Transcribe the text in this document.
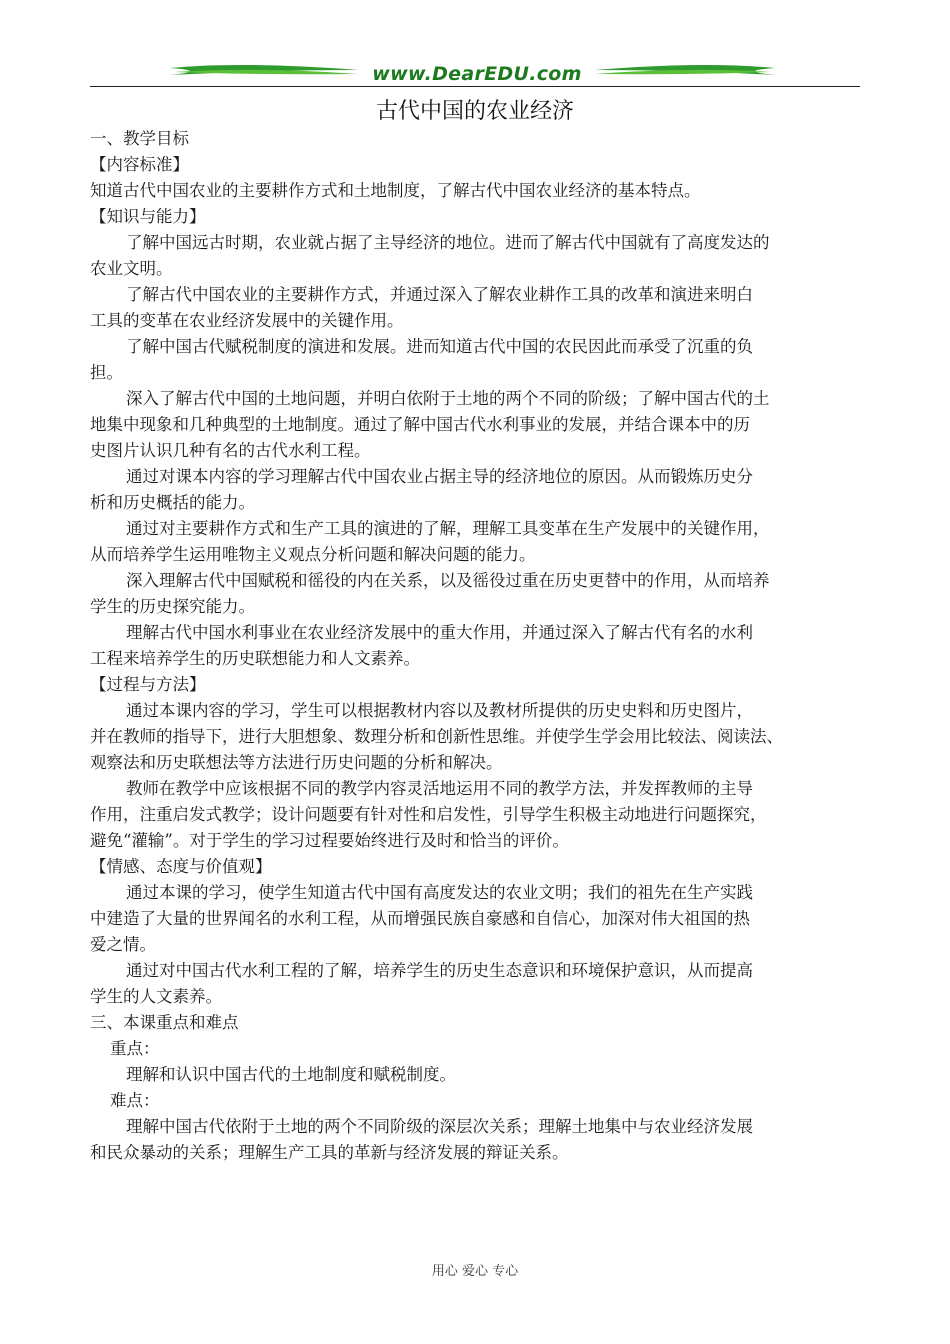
www.DearEDU.com
古代中国的农业经济
一、教学目标
【内容标准】
知道古代中国农业的主要耕作方式和土地制度，了解古代中国农业经济的基本特点。
【知识与能力】
了解中国远古时期，农业就占据了主导经济的地位。进而了解古代中国就有了高度发达的
农业文明。
了解古代中国农业的主要耕作方式，并通过深入了解农业耕作工具的改革和演进来明白
工具的变革在农业经济发展中的关键作用。
了解中国古代赋税制度的演进和发展。进而知道古代中国的农民因此而承受了沉重的负
担。
深入了解古代中国的土地问题，并明白依附于土地的两个不同的阶级；了解中国古代的土
地集中现象和几种典型的土地制度。通过了解中国古代水利事业的发展，并结合课本中的历
史图片认识几种有名的古代水利工程。
通过对课本内容的学习理解古代中国农业占据主导的经济地位的原因。从而锻炼历史分
析和历史概括的能力。
通过对主要耕作方式和生产工具的演进的了解，理解工具变革在生产发展中的关键作用，
从而培养学生运用唯物主义观点分析问题和解决问题的能力。
深入理解古代中国赋税和徭役的内在关系，以及徭役过重在历史更替中的作用，从而培养
学生的历史探究能力。
理解古代中国水利事业在农业经济发展中的重大作用，并通过深入了解古代有名的水利
工程来培养学生的历史联想能力和人文素养。
【过程与方法】
通过本课内容的学习，学生可以根据教材内容以及教材所提供的历史史料和历史图片，
并在教师的指导下，进行大胆想象、数理分析和创新性思维。并使学生学会用比较法、阅读法、
观察法和历史联想法等方法进行历史问题的分析和解决。
教师在教学中应该根据不同的教学内容灵活地运用不同的教学方法，并发挥教师的主导
作用，注重启发式教学；设计问题要有针对性和启发性，引导学生积极主动地进行问题探究，
避免“灌输”。对于学生的学习过程要始终进行及时和恰当的评价。
【情感、态度与价值观】
通过本课的学习，使学生知道古代中国有高度发达的农业文明；我们的祖先在生产实践
中建造了大量的世界闻名的水利工程，从而增强民族自豪感和自信心，加深对伟大祖国的热
爱之情。
通过对中国古代水利工程的了解，培养学生的历史生态意识和环境保护意识，从而提高
学生的人文素养。
三、本课重点和难点
重点：
理解和认识中国古代的土地制度和赋税制度。
难点：
理解中国古代依附于土地的两个不同阶级的深层次关系；理解土地集中与农业经济发展
和民众暴动的关系；理解生产工具的革新与经济发展的辩证关系。
用心 爱心 专心
